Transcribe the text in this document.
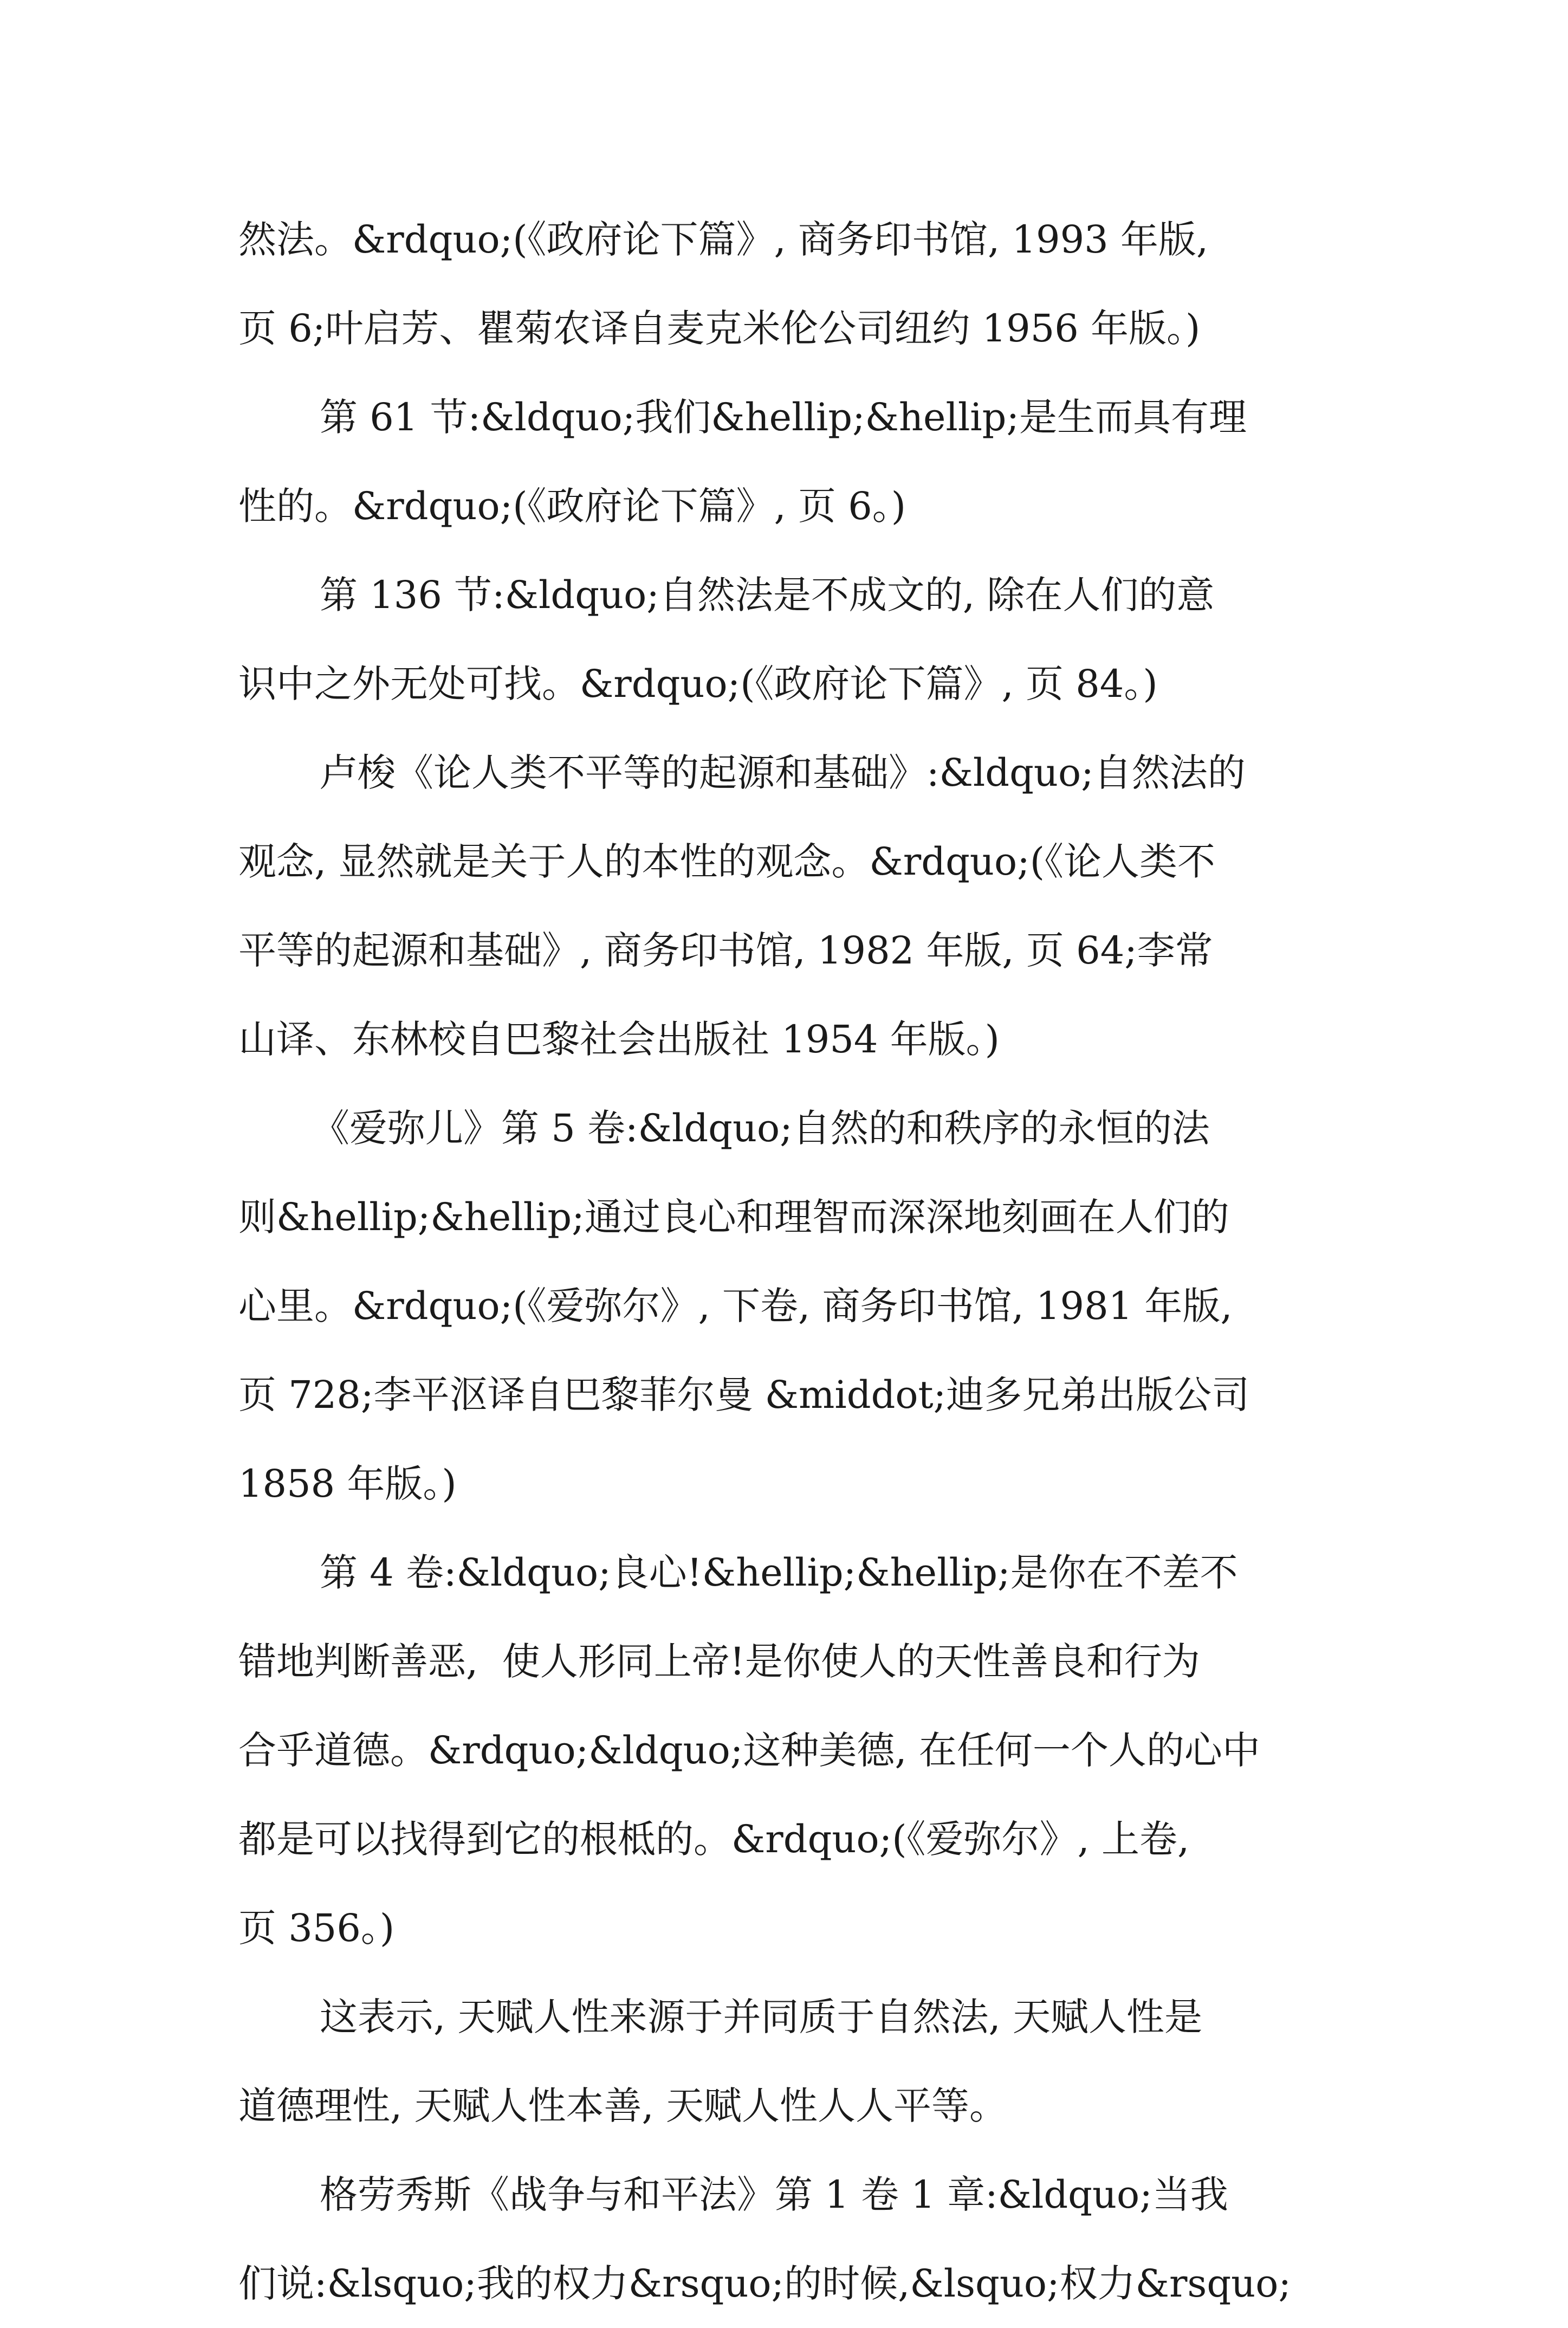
然法。&rdquo;(《政府论下篇》, 商务印书馆, 1993 年版,
页 6;叶启芳、瞿菊农译自麦克米伦公司纽约 1956 年版。)
第 61 节:&ldquo;我们&hellip;&hellip;是生而具有理
性的。&rdquo;(《政府论下篇》, 页 6。)
第 136 节:&ldquo;自然法是不成文的, 除在人们的意
识中之外无处可找。&rdquo;(《政府论下篇》, 页 84。)
卢梭《论人类不平等的起源和基础》:&ldquo;自然法的
观念, 显然就是关于人的本性的观念。&rdquo;(《论人类不
平等的起源和基础》, 商务印书馆, 1982 年版, 页 64;李常
山译、东林校自巴黎社会出版社 1954 年版。)
《爱弥儿》第 5 卷:&ldquo;自然的和秩序的永恒的法
则&hellip;&hellip;通过良心和理智而深深地刻画在人们的
心里。&rdquo;(《爱弥尔》, 下卷, 商务印书馆, 1981 年版,
页 728;李平沤译自巴黎菲尔曼 &middot;迪多兄弟出版公司
1858 年版。)
第 4 卷:&ldquo;良心!&hellip;&hellip;是你在不差不
错地判断善恶,  使人形同上帝!是你使人的天性善良和行为
合乎道德。&rdquo;&ldquo;这种美德, 在任何一个人的心中
都是可以找得到它的根柢的。&rdquo;(《爱弥尔》, 上卷,
页 356。)
这表示, 天赋人性来源于并同质于自然法, 天赋人性是
道德理性, 天赋人性本善, 天赋人性人人平等。
格劳秀斯《战争与和平法》第 1 卷 1 章:&ldquo;当我
们说:&lsquo;我的权力&rsquo;的时候,&lsquo;权力&rsquo;
